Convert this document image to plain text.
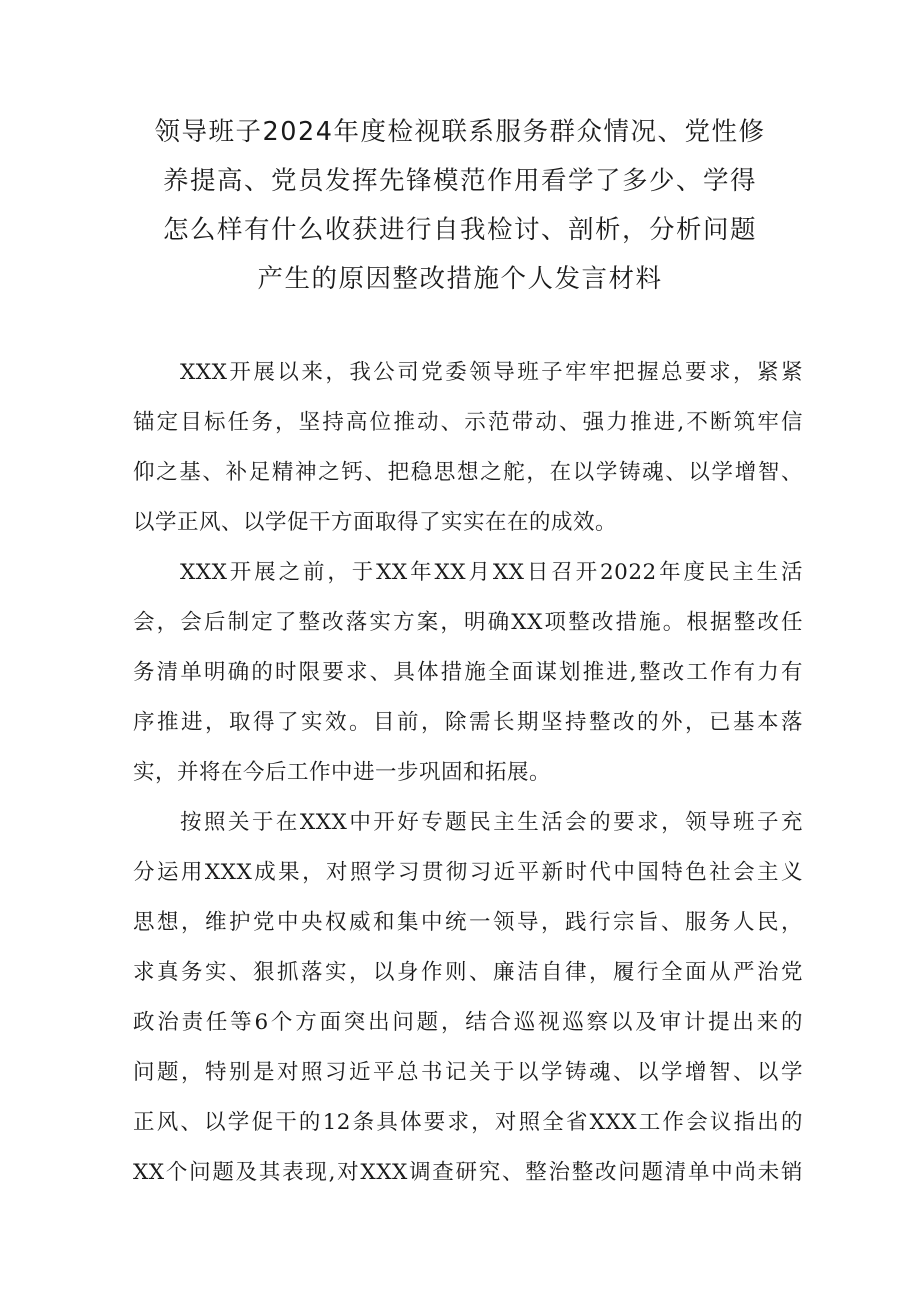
领导班子2024年度检视联系服务群众情况、党性修
养提高、党员发挥先锋模范作用看学了多少、学得
怎么样有什么收获进行自我检讨、剖析，分析问题
产生的原因整改措施个人发言材料

XXX开展以来，我公司党委领导班子牢牢把握总要求，紧紧
锚定目标任务，坚持高位推动、示范带动、强力推进,不断筑牢信
仰之基、补足精神之钙、把稳思想之舵，在以学铸魂、以学增智、
以学正风、以学促干方面取得了实实在在的成效。

XXX开展之前，于XX年XX月XX日召开2022年度民主生活
会，会后制定了整改落实方案，明确XX项整改措施。根据整改任
务清单明确的时限要求、具体措施全面谋划推进,整改工作有力有
序推进，取得了实效。目前，除需长期坚持整改的外，已基本落
实，并将在今后工作中进一步巩固和拓展。

按照关于在XXX中开好专题民主生活会的要求，领导班子充
分运用XXX成果，对照学习贯彻习近平新时代中国特色社会主义
思想，维护党中央权威和集中统一领导，践行宗旨、服务人民，
求真务实、狠抓落实，以身作则、廉洁自律，履行全面从严治党
政治责任等6个方面突出问题，结合巡视巡察以及审计提出来的
问题，特别是对照习近平总书记关于以学铸魂、以学增智、以学
正风、以学促干的12条具体要求，对照全省XXX工作会议指出的
XX个问题及其表现,对XXX调查研究、整治整改问题清单中尚未销
